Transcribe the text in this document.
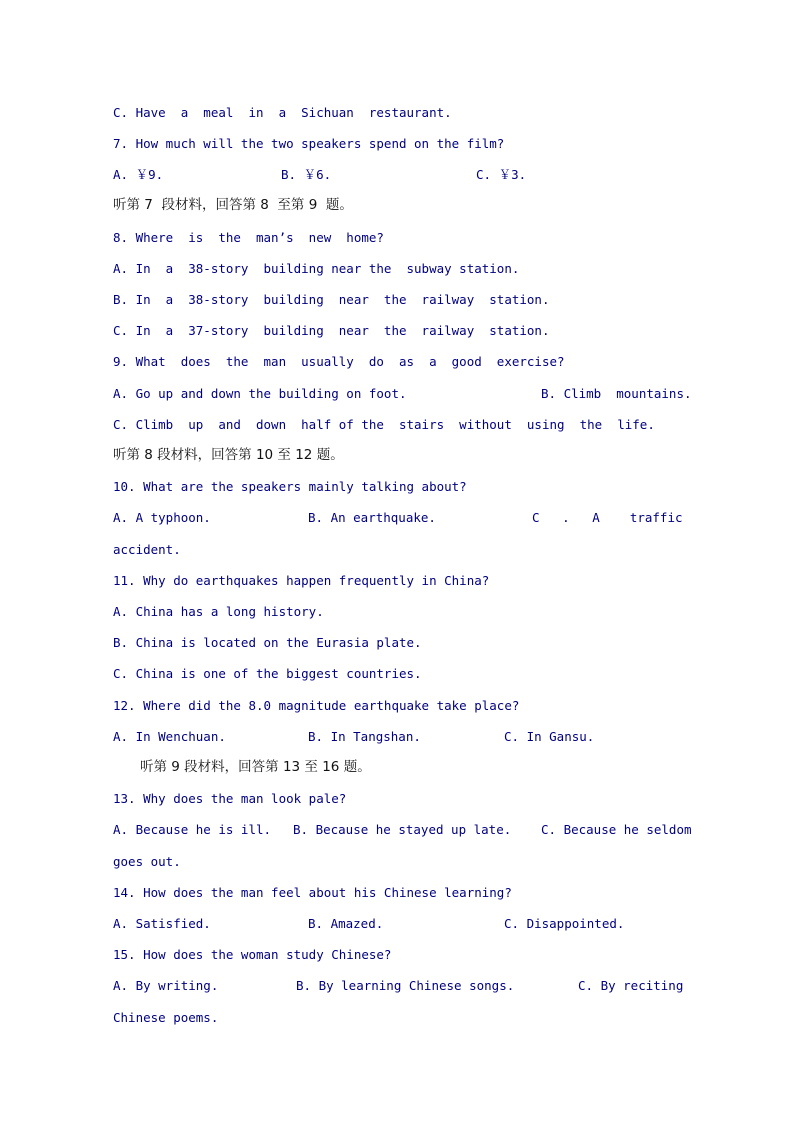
C. Have  a  meal  in  a  Sichuan  restaurant.
7. How much will the two speakers spend on the film?

A. ￥9.

	B. ￥6.

	C. ￥3.

听第 7  段材料，回答第 8  至第 9  题。
8. Where  is  the  man’s  new  home?
A. In  a  38-story  building near the  subway station.
B. In  a  38-story  building  near  the  railway  station.
C. In  a  37-story  building  near  the  railway  station.
9. What  does  the  man  usually  do  as  a  good  exercise?

A. Go up and down the building on foot.

	B. Climb  mountains.

C. Climb  up  and  down  half of the  stairs  without  using  the  life.
听第 8 段材料，回答第 10 至 12 题。
10. What are the speakers mainly talking about?

A. A typhoon.

	B. An earthquake.

	C   .   A    traffic

accident.
11. Why do earthquakes happen frequently in China?
A. China has a long history.
B. China is located on the Eurasia plate.
C. China is one of the biggest countries.
12. Where did the 8.0 magnitude earthquake take place?

A. In Wenchuan.

	B. In Tangshan.

	C. In Gansu.

听第 9 段材料，回答第 13 至 16 题。
13. Why does the man look pale?

A. Because he is ill.

B. Because he stayed up late.

C. Because he seldom

goes out.
14. How does the man feel about his Chinese learning?

A. Satisfied.

	B. Amazed.

	C. Disappointed.

15. How does the woman study Chinese?

A. By writing.

	B. By learning Chinese songs.

	C. By reciting

Chinese poems.
